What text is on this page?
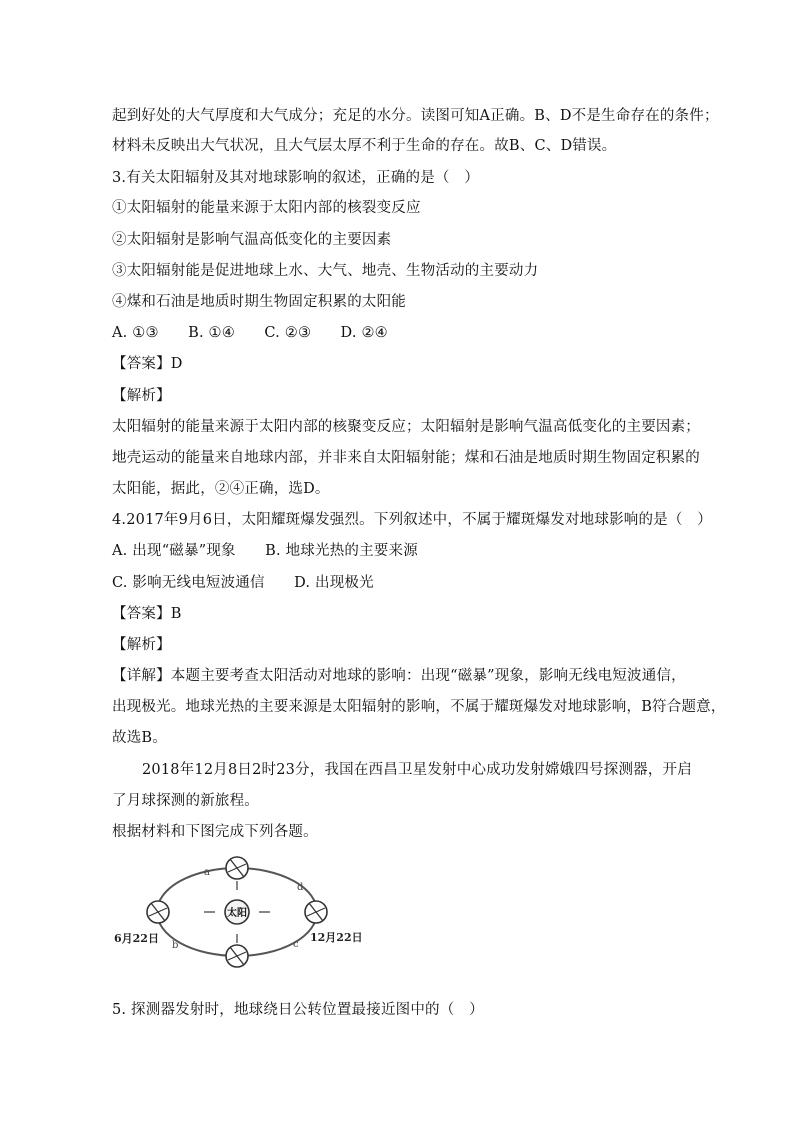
起到好处的大气厚度和大气成分；充足的水分。读图可知A正确。B、D不是生命存在的条件；
材料未反映出大气状况，且大气层太厚不利于生命的存在。故B、C、D错误。
3.有关太阳辐射及其对地球影响的叙述，正确的是（　）
①太阳辐射的能量来源于太阳内部的核裂变反应
②太阳辐射是影响气温高低变化的主要因素
③太阳辐射能是促进地球上水、大气、地壳、生物活动的主要动力
④煤和石油是地质时期生物固定积累的太阳能
A. ①③　　B. ①④　　C. ②③　　D. ②④
【答案】D
【解析】
太阳辐射的能量来源于太阳内部的核聚变反应；太阳辐射是影响气温高低变化的主要因素；
地壳运动的能量来自地球内部，并非来自太阳辐射能；煤和石油是地质时期生物固定积累的
太阳能，据此，②④正确，选D。
4.2017年9月6日，太阳耀斑爆发强烈。下列叙述中，不属于耀斑爆发对地球影响的是（　）
A. 出现“磁暴”现象　　B. 地球光热的主要来源
C. 影响无线电短波通信　　D. 出现极光
【答案】B
【解析】
【详解】本题主要考查太阳活动对地球的影响：出现“磁暴”现象，影响无线电短波通信，
出现极光。地球光热的主要来源是太阳辐射的影响，不属于耀斑爆发对地球影响，B符合题意，
故选B。
2018年12月8日2时23分，我国在西昌卫星发射中心成功发射嫦娥四号探测器，开启
了月球探测的新旅程。
根据材料和下图完成下列各题。
a
b	c
d
太阳
6月22日	12月22日
5. 探测器发射时，地球绕日公转位置最接近图中的（　）
